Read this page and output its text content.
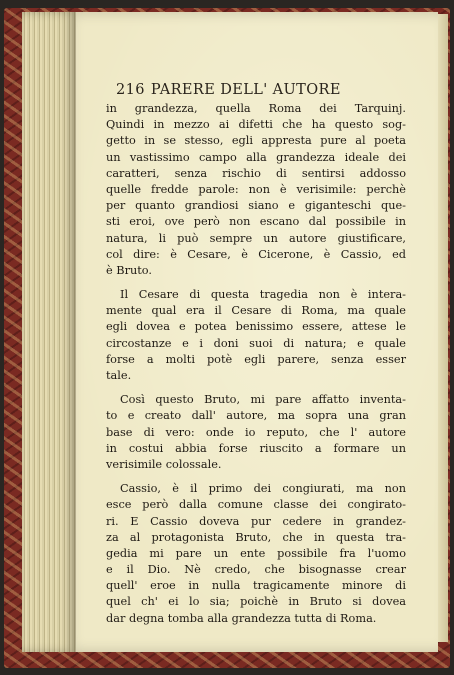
216 PARERE DELL' AUTORE
in grandezza, quella Roma dei Tarquinj.
Quindi in mezzo ai difetti che ha questo sog-
getto in se stesso, egli appresta pure al poeta
un vastissimo campo alla grandezza ideale dei
caratteri, senza rischio di sentirsi addosso
quelle fredde parole: non è verisimile: perchè
per quanto grandiosi siano e giganteschi que-
sti eroi, ove però non escano dal possibile in
natura, li può sempre un autore giustificare,
col dire: è Cesare, è Cicerone, è Cassio, ed
è Bruto.
Il Cesare di questa tragedia non è intera-
mente qual era il Cesare di Roma, ma quale
egli dovea e potea benissimo essere, attese le
circostanze e i doni suoi di natura; e quale
forse a molti potè egli parere, senza esser
tale.
Così questo Bruto, mi pare affatto inventa-
to e creato dall' autore, ma sopra una gran
base di vero: onde io reputo, che l' autore
in costui abbia forse riuscito a formare un
verisimile colossale.
Cassio, è il primo dei congiurati, ma non
esce però dalla comune classe dei congirato-
ri. E Cassio doveva pur cedere in grandez-
za al protagonista Bruto, che in questa tra-
gedia mi pare un ente possibile fra l'uomo
e il Dio. Nè credo, che bisognasse crear
quell' eroe in nulla tragicamente minore di
quel ch' ei lo sia; poichè in Bruto si dovea
dar degna tomba alla grandezza tutta di Roma.
